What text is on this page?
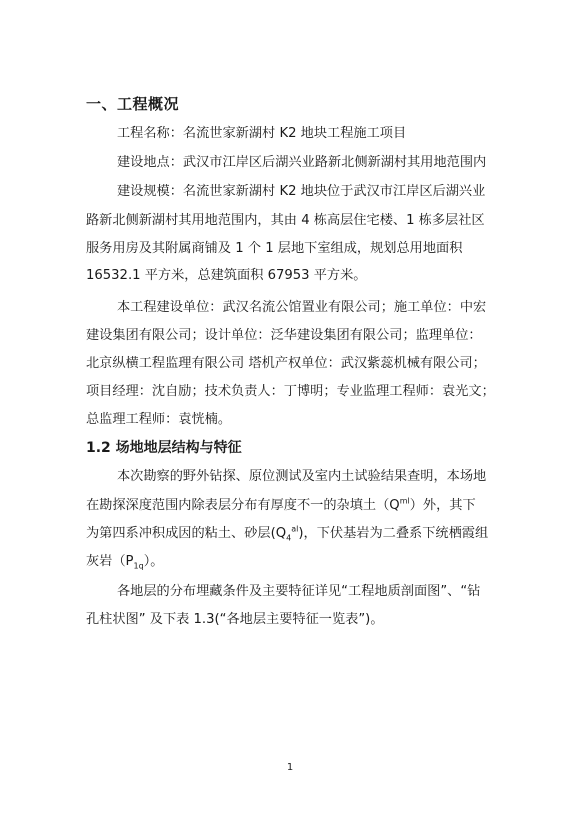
一、工程概况
工程名称：名流世家新湖村 K2 地块工程施工项目
建设地点：武汉市江岸区后湖兴业路新北侧新湖村其用地范围内
建设规模：名流世家新湖村 K2 地块位于武汉市江岸区后湖兴业
路新北侧新湖村其用地范围内，其由 4 栋高层住宅楼、1 栋多层社区
服务用房及其附属商铺及 1 个 1 层地下室组成，规划总用地面积
16532.1 平方米，总建筑面积 67953 平方米。
本工程建设单位：武汉名流公馆置业有限公司；施工单位：中宏
建设集团有限公司；设计单位：泛华建设集团有限公司；监理单位：
北京纵横工程监理有限公司 塔机产权单位：武汉紫蕊机械有限公司；
项目经理：沈自励；技术负责人：丁博明；专业监理工程师：袁光文；
总监理工程师：袁恍楠。
1.2 场地地层结构与特征
本次勘察的野外钻探、原位测试及室内土试验结果查明，本场地
在勘探深度范围内除表层分布有厚度不一的杂填土$(Q^{ml})$外，其下
为第四系冲积成因的粘土、砂层$(Q_4^{al})$，下伏基岩为二叠系下统栖霞组
灰岩$(P_{1q})$。
各地层的分布埋藏条件及主要特征详见“工程地质剖面图”、“钻
孔柱状图” 及下表 1.3(“各地层主要特征一览表”)。
1
